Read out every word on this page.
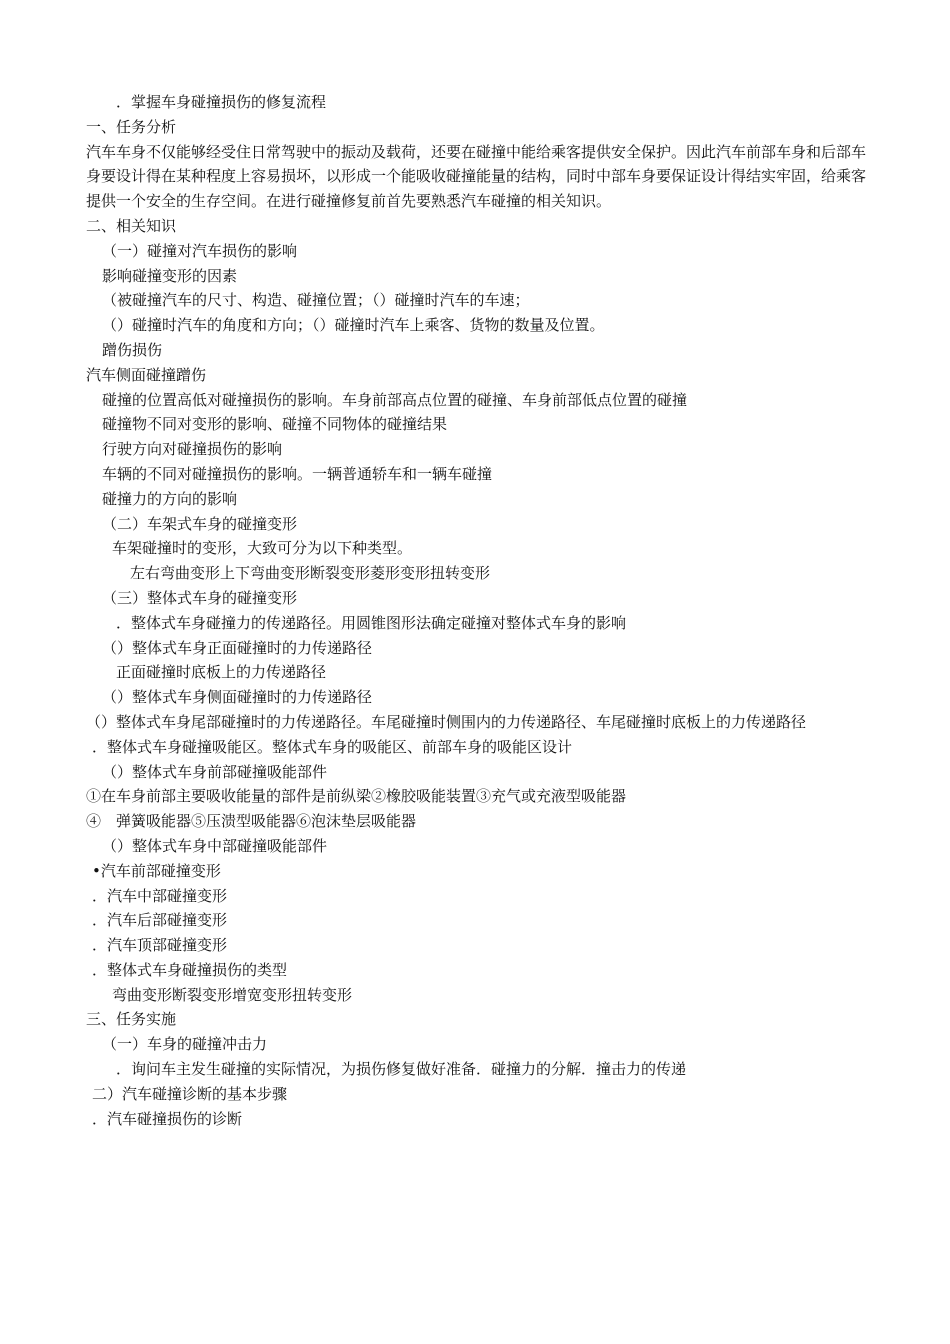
．掌握车身碰撞损伤的修复流程
一、任务分析
汽车车身不仅能够经受住日常驾驶中的振动及载荷，还要在碰撞中能给乘客提供安全保护。因此汽车前部车身和后部车身要设计得在某种程度上容易损坏，以形成一个能吸收碰撞能量的结构，同时中部车身要保证设计得结实牢固，给乘客提供一个安全的生存空间。在进行碰撞修复前首先要熟悉汽车碰撞的相关知识。
二、相关知识
（一）碰撞对汽车损伤的影响
影响碰撞变形的因素
（被碰撞汽车的尺寸、构造、碰撞位置；（）碰撞时汽车的车速；
（）碰撞时汽车的角度和方向；（）碰撞时汽车上乘客、货物的数量及位置。
蹭伤损伤
汽车侧面碰撞蹭伤
碰撞的位置高低对碰撞损伤的影响。车身前部高点位置的碰撞、车身前部低点位置的碰撞
碰撞物不同对变形的影响、碰撞不同物体的碰撞结果
行驶方向对碰撞损伤的影响
车辆的不同对碰撞损伤的影响。一辆普通轿车和一辆车碰撞
碰撞力的方向的影响
（二）车架式车身的碰撞变形
车架碰撞时的变形，大致可分为以下种类型。
左右弯曲变形上下弯曲变形断裂变形菱形变形扭转变形
（三）整体式车身的碰撞变形
．整体式车身碰撞力的传递路径。用圆锥图形法确定碰撞对整体式车身的影响
（）整体式车身正面碰撞时的力传递路径
正面碰撞时底板上的力传递路径
（）整体式车身侧面碰撞时的力传递路径
（）整体式车身尾部碰撞时的力传递路径。车尾碰撞时侧围内的力传递路径、车尾碰撞时底板上的力传递路径
．整体式车身碰撞吸能区。整体式车身的吸能区、前部车身的吸能区设计
（）整体式车身前部碰撞吸能部件
①在车身前部主要吸收能量的部件是前纵梁②橡胶吸能装置③充气或充液型吸能器
④　弹簧吸能器⑤压溃型吸能器⑥泡沫垫层吸能器
（）整体式车身中部碰撞吸能部件
•汽车前部碰撞变形
．汽车中部碰撞变形
．汽车后部碰撞变形
．汽车顶部碰撞变形
．整体式车身碰撞损伤的类型
弯曲变形断裂变形增宽变形扭转变形
三、任务实施
（一）车身的碰撞冲击力
．询问车主发生碰撞的实际情况，为损伤修复做好准备．碰撞力的分解．撞击力的传递
二）汽车碰撞诊断的基本步骤
．汽车碰撞损伤的诊断
